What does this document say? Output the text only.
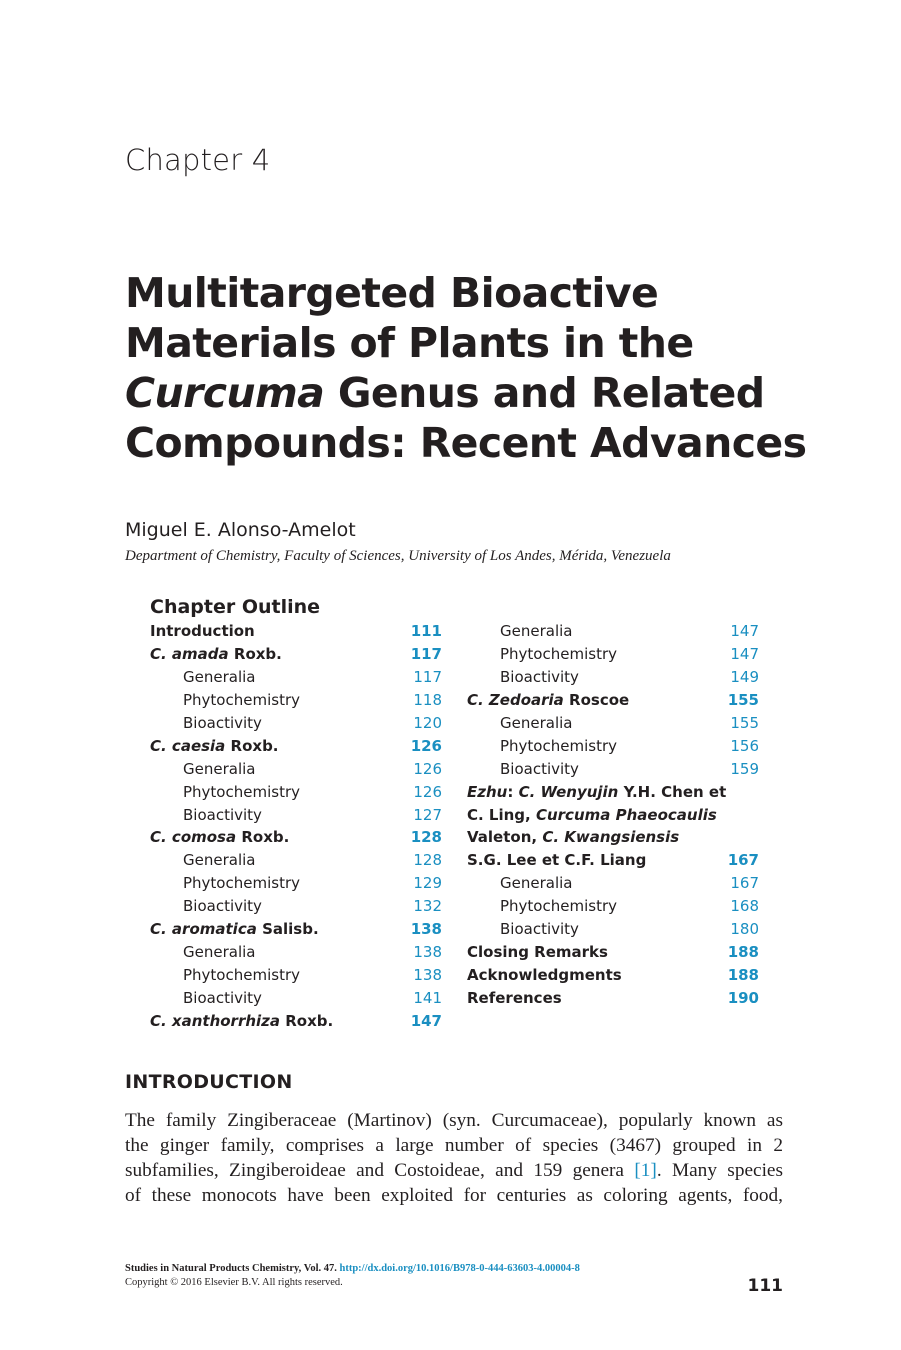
Chapter 4
Multitargeted Bioactive
Materials of Plants in the
Curcuma Genus and Related
Compounds: Recent Advances
Miguel E. Alonso-Amelot
Department of Chemistry, Faculty of Sciences, University of Los Andes, Mérida, Venezuela
Chapter Outline
Introduction	111
C. amada Roxb.	117
Generalia	117
Phytochemistry	118
Bioactivity	120
C. caesia Roxb.	126
Generalia	126
Phytochemistry	126
Bioactivity	127
C. comosa Roxb.	128
Generalia	128
Phytochemistry	129
Bioactivity	132
C. aromatica Salisb.	138
Generalia	138
Phytochemistry	138
Bioactivity	141
C. xanthorrhiza Roxb.	147
Generalia	147
Phytochemistry	147
Bioactivity	149
C. Zedoaria Roscoe	155
Generalia	155
Phytochemistry	156
Bioactivity	159
Ezhu: C. Wenyujin Y.H. Chen et
C. Ling, Curcuma Phaeocaulis
Valeton, C. Kwangsiensis
S.G. Lee et C.F. Liang	167
Generalia	167
Phytochemistry	168
Bioactivity	180
Closing Remarks	188
Acknowledgments	188
References	190
INTRODUCTION
The family Zingiberaceae (Martinov) (syn. Curcumaceae), popularly known as
the ginger family, comprises a large number of species (3467) grouped in 2
subfamilies, Zingiberoideae and Costoideae, and 159 genera [1]. Many species
of these monocots have been exploited for centuries as coloring agents, food,
Studies in Natural Products Chemistry, Vol. 47. http://dx.doi.org/10.1016/B978-0-444-63603-4.00004-8
Copyright © 2016 Elsevier B.V. All rights reserved.	111
